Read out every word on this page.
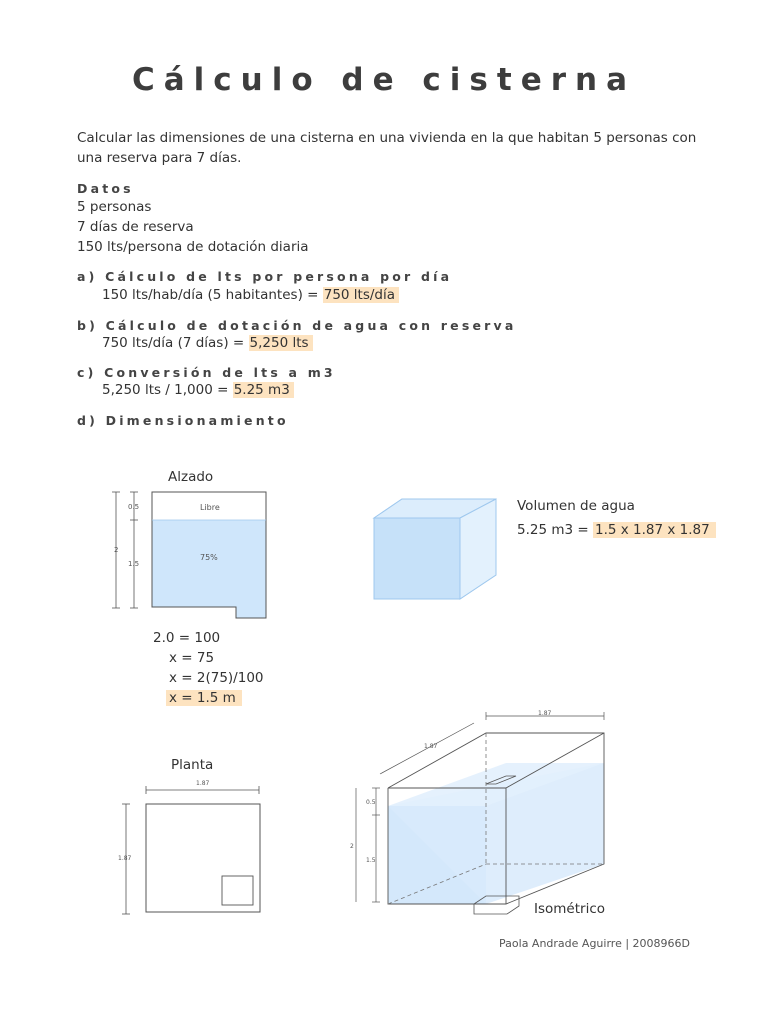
Cálculo de cisterna
Calcular las dimensiones de una cisterna en una vivienda en la que habitan 5 personas con
una reserva para 7 días.
Datos
5 personas
7 días de reserva
150 lts/persona de dotación diaria
a) Cálculo de lts por persona por día
150 lts/hab/día (5 habitantes) = 750 lts/día
b) Cálculo de dotación de agua con reserva
750 lts/día (7 días) = 5,250 lts
c) Conversión de lts a m3
5,250 lts / 1,000 = 5.25 m3
d) Dimensionamiento
Alzado
0.5
1.5
2
Libre
75%
2.0 = 100
x = 75
x = 2(75)/100
x = 1.5 m
Volumen de agua
5.25 m3 = 1.5 x 1.87 x 1.87
Planta
1.87
1.87
1.87
1.87
0.5
1.5
2
Isométrico
Paola Andrade Aguirre | 2008966D
